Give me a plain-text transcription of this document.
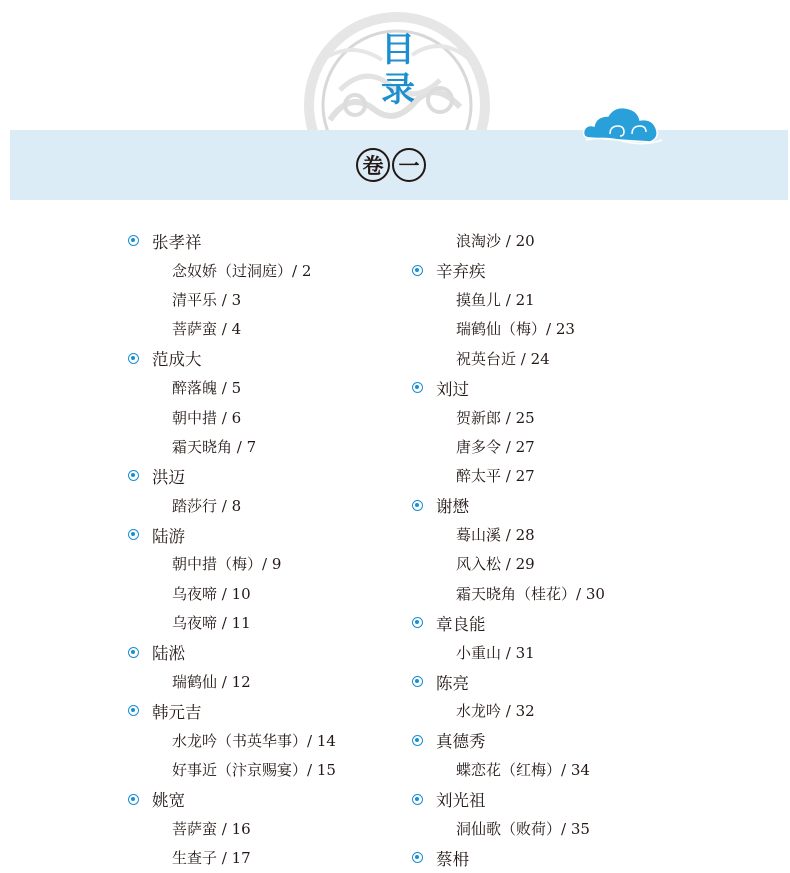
目
录
卷 一
张孝祥
念奴娇（过洞庭）/ 2
清平乐 / 3
菩萨蛮 / 4
范成大
醉落魄 / 5
朝中措 / 6
霜天晓角 / 7
洪迈
踏莎行 / 8
陆游
朝中措（梅）/ 9
乌夜啼 / 10
乌夜啼 / 11
陆淞
瑞鹤仙 / 12
韩元吉
水龙吟（书英华事）/ 14
好事近（汴京赐宴）/ 15
姚宽
菩萨蛮 / 16
生查子 / 17
浪淘沙 / 20
辛弃疾
摸鱼儿 / 21
瑞鹤仙（梅）/ 23
祝英台近 / 24
刘过
贺新郎 / 25
唐多令 / 27
醉太平 / 27
谢懋
蓦山溪 / 28
风入松 / 29
霜天晓角（桂花）/ 30
章良能
小重山 / 31
陈亮
水龙吟 / 32
真德秀
蝶恋花（红梅）/ 34
刘光祖
洞仙歌（败荷）/ 35
蔡枏
